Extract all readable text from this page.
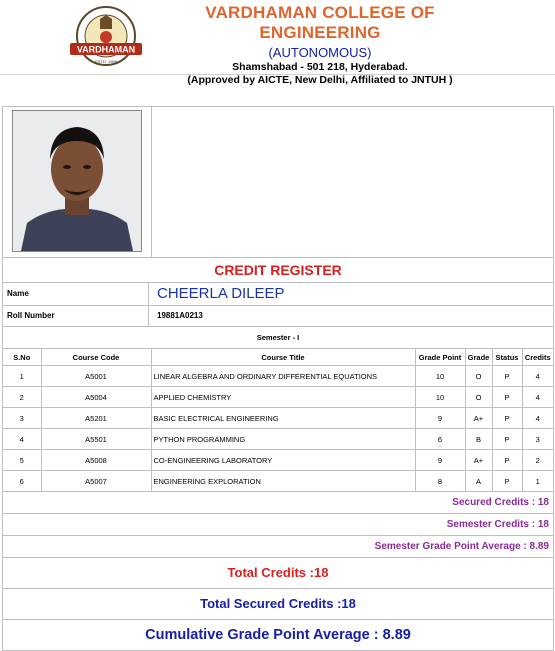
VARDHAMAN
ESTD. 1999
VARDHAMAN COLLEGE OF ENGINEERING
(AUTONOMOUS)
Shamshabad - 501 218, Hyderabad.
(Approved by AICTE, New Delhi, Affiliated to JNTUH )
CREDIT REGISTER
Name	CHEERLA DILEEP
Roll Number	19881A0213
Semester - I
S.No	Course Code	Course Title	Grade Point	Grade	Status	Credits
1	A5001	LINEAR ALGEBRA AND ORDINARY DIFFERENTIAL EQUATIONS	10	O	P	4
2	A5004	APPLIED CHEMISTRY	10	O	P	4
3	A5201	BASIC ELECTRICAL ENGINEERING	9	A+	P	4
4	A5501	PYTHON PROGRAMMING	6	B	P	3
5	A5008	CO-ENGINEERING LABORATORY	9	A+	P	2
6	A5007	ENGINEERING EXPLORATION	8	A	P	1
Secured Credits : 18
Semester Credits : 18
Semester Grade Point Average : 8.89
Total Credits :18
Total Secured Credits :18
Cumulative Grade Point Average : 8.89
